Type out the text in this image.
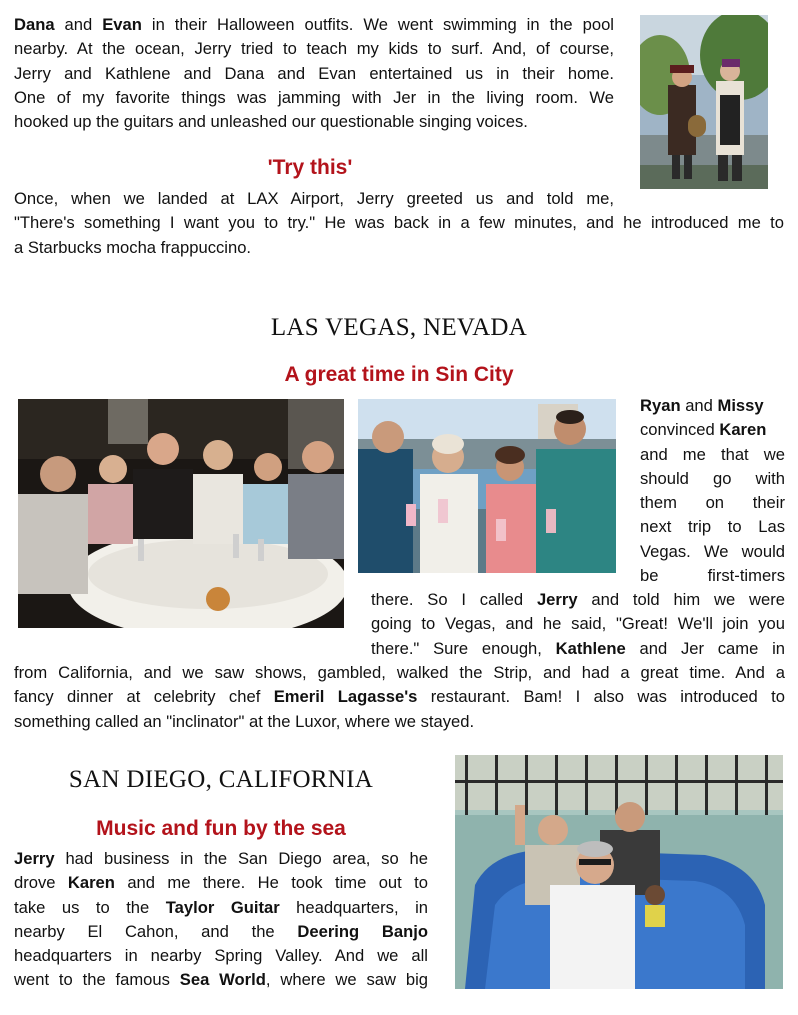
Dana and Evan in their Halloween outfits. We went swimming in the pool
nearby. At the ocean, Jerry tried to teach my kids to surf. And, of course,
Jerry and Kathlene and Dana and Evan entertained us in their home.
One of my favorite things was jamming with Jer in the living room. We
hooked up the guitars and unleashed our questionable singing voices.
'Try this'
Once, when we landed at LAX Airport, Jerry greeted us and told me,
"There's something I want you to try." He was back in a few minutes, and he introduced me to
a Starbucks mocha frappuccino.
LAS VEGAS, NEVADA
A great time in Sin City
Ryan and Missy
convinced Karen
and me that we
should go with
them on their
next trip to Las
Vegas. We would
be first-timers
there. So I called Jerry and told him we were
going to Vegas, and he said, "Great! We'll join you
there." Sure enough, Kathlene and Jer came in
from California, and we saw shows, gambled, walked the Strip, and had a great time. And a
fancy dinner at celebrity chef Emeril Lagasse's restaurant. Bam! I also was introduced to
something called an "inclinator" at the Luxor, where we stayed.
SAN DIEGO, CALIFORNIA
Music and fun by the sea
Jerry had business in the San Diego area, so he
drove Karen and me there. He took time out to
take us to the Taylor Guitar headquarters, in
nearby El Cahon, and the Deering Banjo
headquarters in nearby Spring Valley. And we all
went to the famous Sea World, where we saw big
